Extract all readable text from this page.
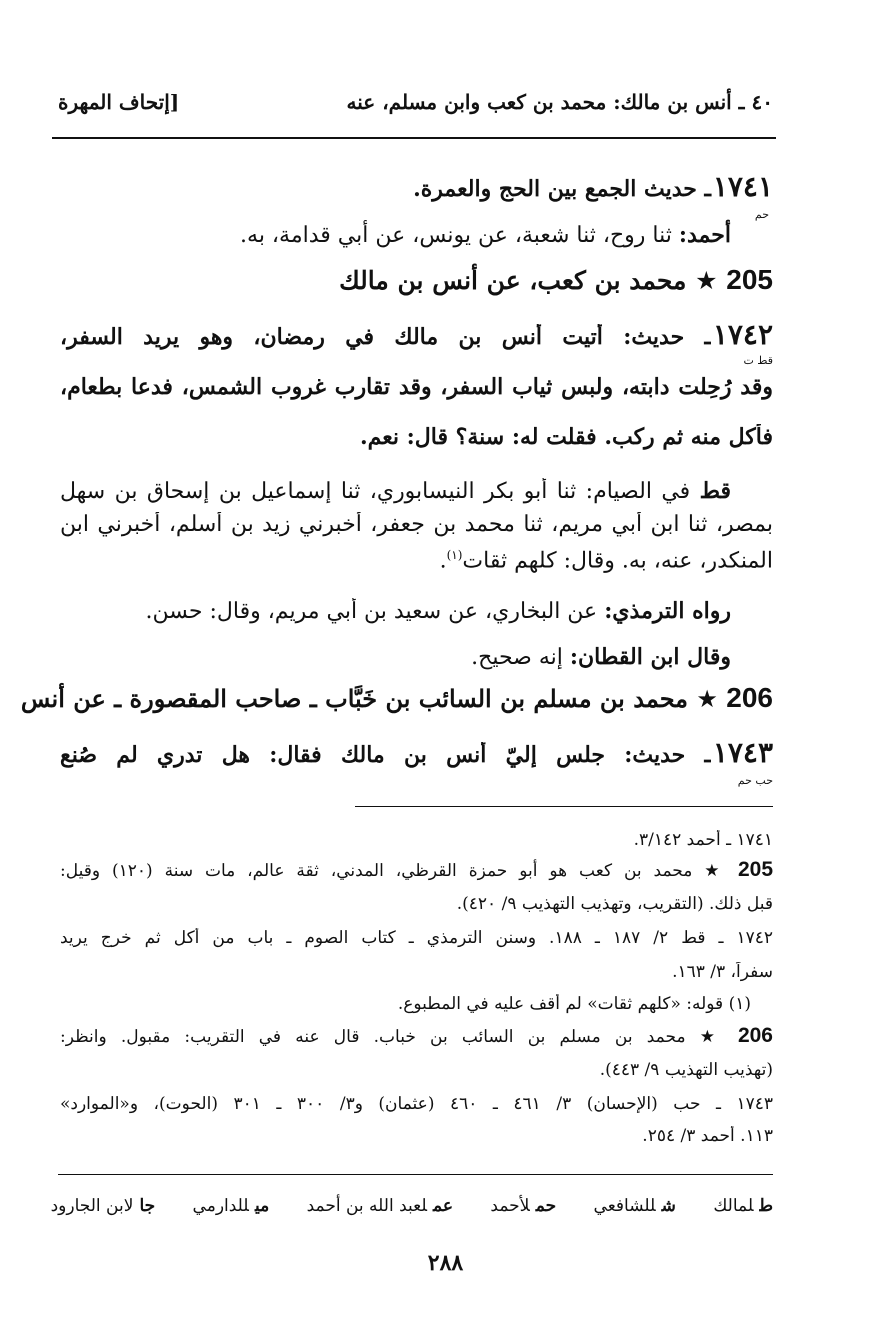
٤٠ ـ أنس بن مالك: محمد بن كعب وابن مسلم، عنه
[إتحاف المهرة
١٧٤١
حم
ـ حديث الجمع بين الحج والعمرة.
أحمد: ثنا روح، ثنا شعبة، عن يونس، عن أبي قدامة، به.
205 ★ محمد بن كعب، عن أنس بن مالك
١٧٤٢
قط ت
ـ حديث: أتيت أنس بن مالك في رمضان، وهو يريد السفر،
وقد رُحِلت دابته، ولبس ثياب السفر، وقد تقارب غروب الشمس، فدعا بطعام،
فأكل منه ثم ركب. فقلت له: سنة؟ قال: نعم.
قط في الصيام: ثنا أبو بكر النيسابوري، ثنا إسماعيل بن إسحاق بن سهل
بمصر، ثنا ابن أبي مريم، ثنا محمد بن جعفر، أخبرني زيد بن أسلم، أخبرني ابن
المنكدر، عنه، به. وقال: كلهم ثقات$^{(١)}$.
رواه الترمذي: عن البخاري، عن سعيد بن أبي مريم، وقال: حسن.
وقال ابن القطان: إنه صحيح.
206 ★ محمد بن مسلم بن السائب بن خَبَّاب ـ صاحب المقصورة ـ عن أنس
١٧٤٣
حب حم
ـ حديث: جلس إليّ أنس بن مالك فقال: هل تدري لم صُنع
١٧٤١ ـ أحمد ٣/١٤٢.
205 ★ محمد بن كعب هو أبو حمزة القرظي، المدني، ثقة عالم، مات سنة (١٢٠) وقيل:
قبل ذلك. (التقريب، وتهذيب التهذيب ٩/ ٤٢٠).
١٧٤٢ ـ قط ٢/ ١٨٧ ـ ١٨٨. وسنن الترمذي ـ كتاب الصوم ـ باب من أكل ثم خرج يريد
سفراً، ٣/ ١٦٣.
(١) قوله: «كلهم ثقات» لم أقف عليه في المطبوع.
206 ★ محمد بن مسلم بن السائب بن خباب. قال عنه في التقريب: مقبول. وانظر:
(تهذيب التهذيب ٩/ ٤٤٣).
١٧٤٣ ـ حب (الإحسان) ٣/ ٤٦١ ـ ٤٦٠ (عثمان) و٣/ ٣٠٠ ـ ٣٠١ (الحوت)، و«الموارد»
١١٣. أحمد ٣/ ٢٥٤.
طلمالك شللشافعي حملأحمد عملعبد الله بن أحمد ميللدارمي جالابن الجارود
٢٨٨
